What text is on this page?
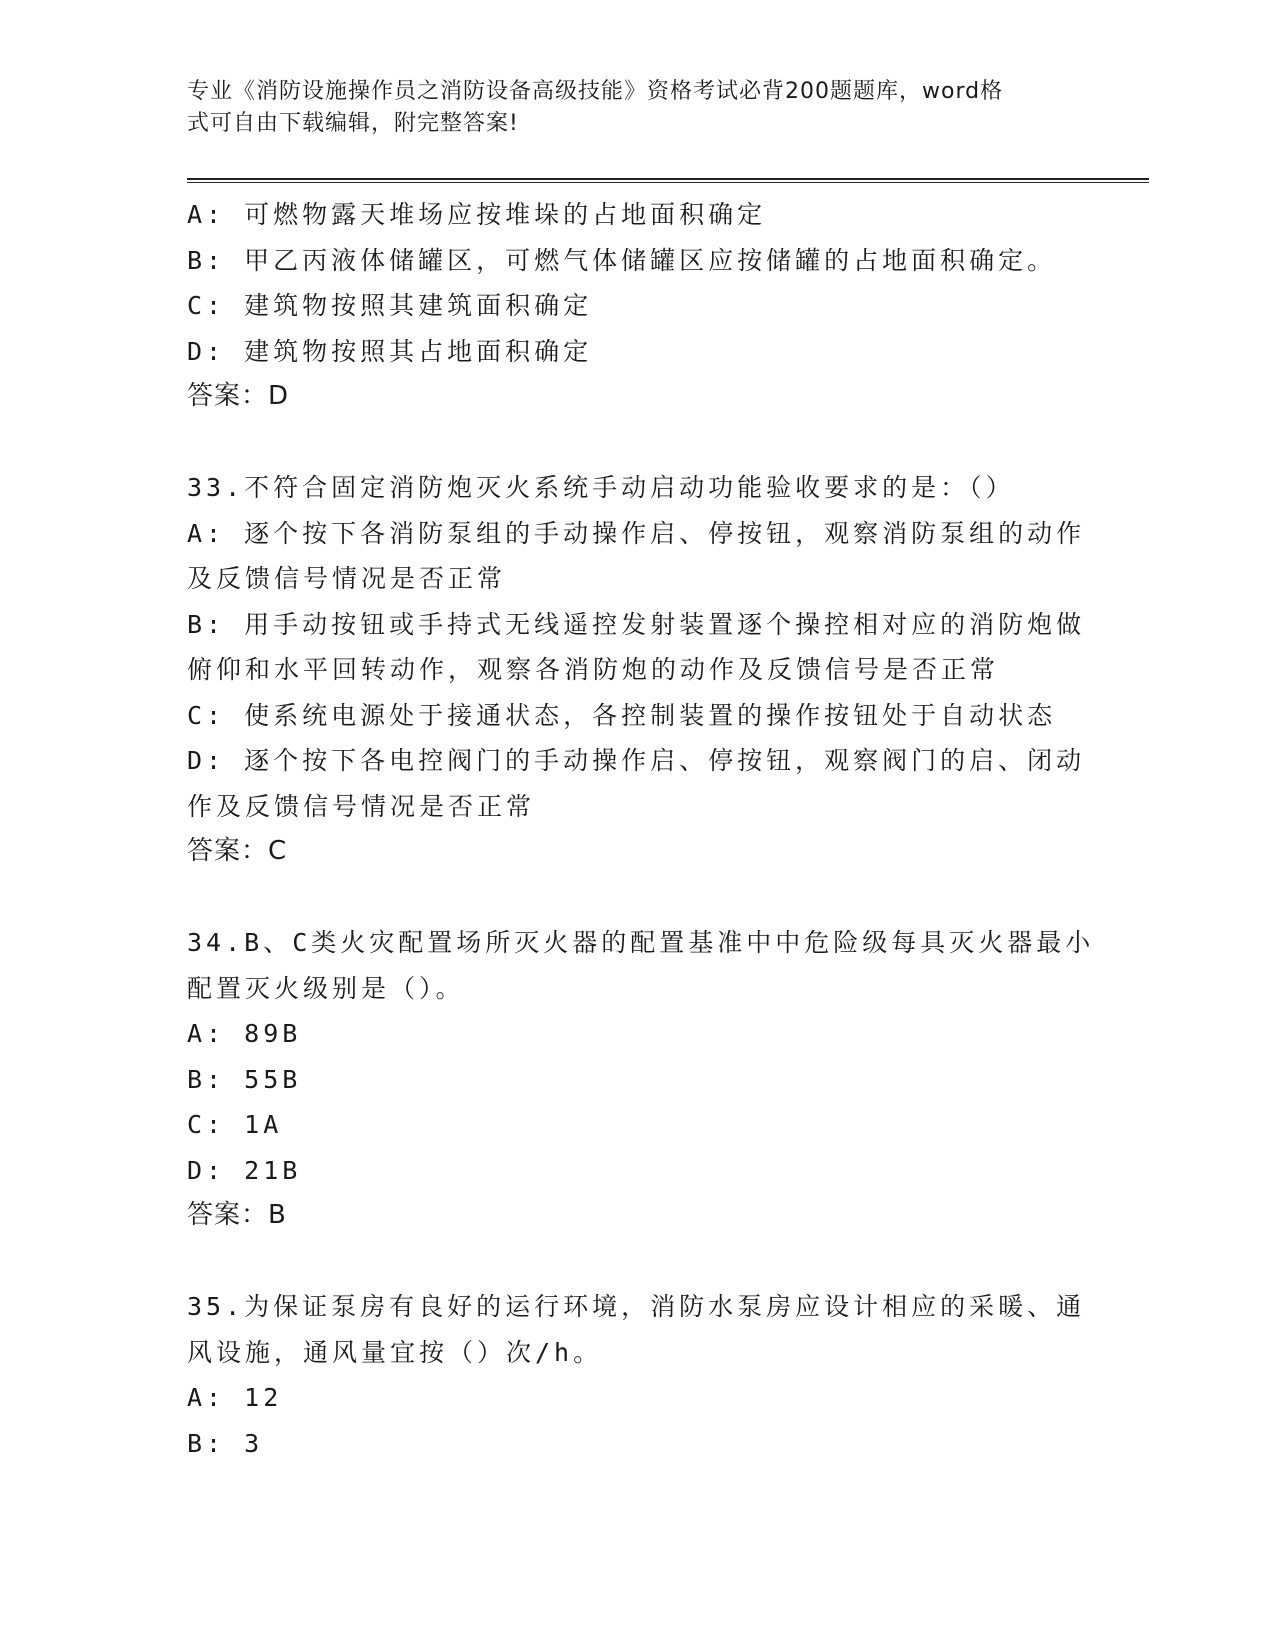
专业《消防设施操作员之消防设备高级技能》资格考试必背200题题库，word格
式可自由下载编辑，附完整答案!
A: 可燃物露天堆场应按堆垛的占地面积确定
B: 甲乙丙液体储罐区，可燃气体储罐区应按储罐的占地面积确定。
C: 建筑物按照其建筑面积确定
D: 建筑物按照其占地面积确定
答案：D
33.不符合固定消防炮灭火系统手动启动功能验收要求的是：（）
A: 逐个按下各消防泵组的手动操作启、停按钮，观察消防泵组的动作
及反馈信号情况是否正常
B: 用手动按钮或手持式无线遥控发射装置逐个操控相对应的消防炮做
俯仰和水平回转动作，观察各消防炮的动作及反馈信号是否正常
C: 使系统电源处于接通状态，各控制装置的操作按钮处于自动状态
D: 逐个按下各电控阀门的手动操作启、停按钮，观察阀门的启、闭动
作及反馈信号情况是否正常
答案：C
34.B、C类火灾配置场所灭火器的配置基准中中危险级每具灭火器最小
配置灭火级别是（）。
A: 89B
B: 55B
C: 1A
D: 21B
答案：B
35.为保证泵房有良好的运行环境，消防水泵房应设计相应的采暖、通
风设施，通风量宜按（）次/h。
A: 12
B: 3
